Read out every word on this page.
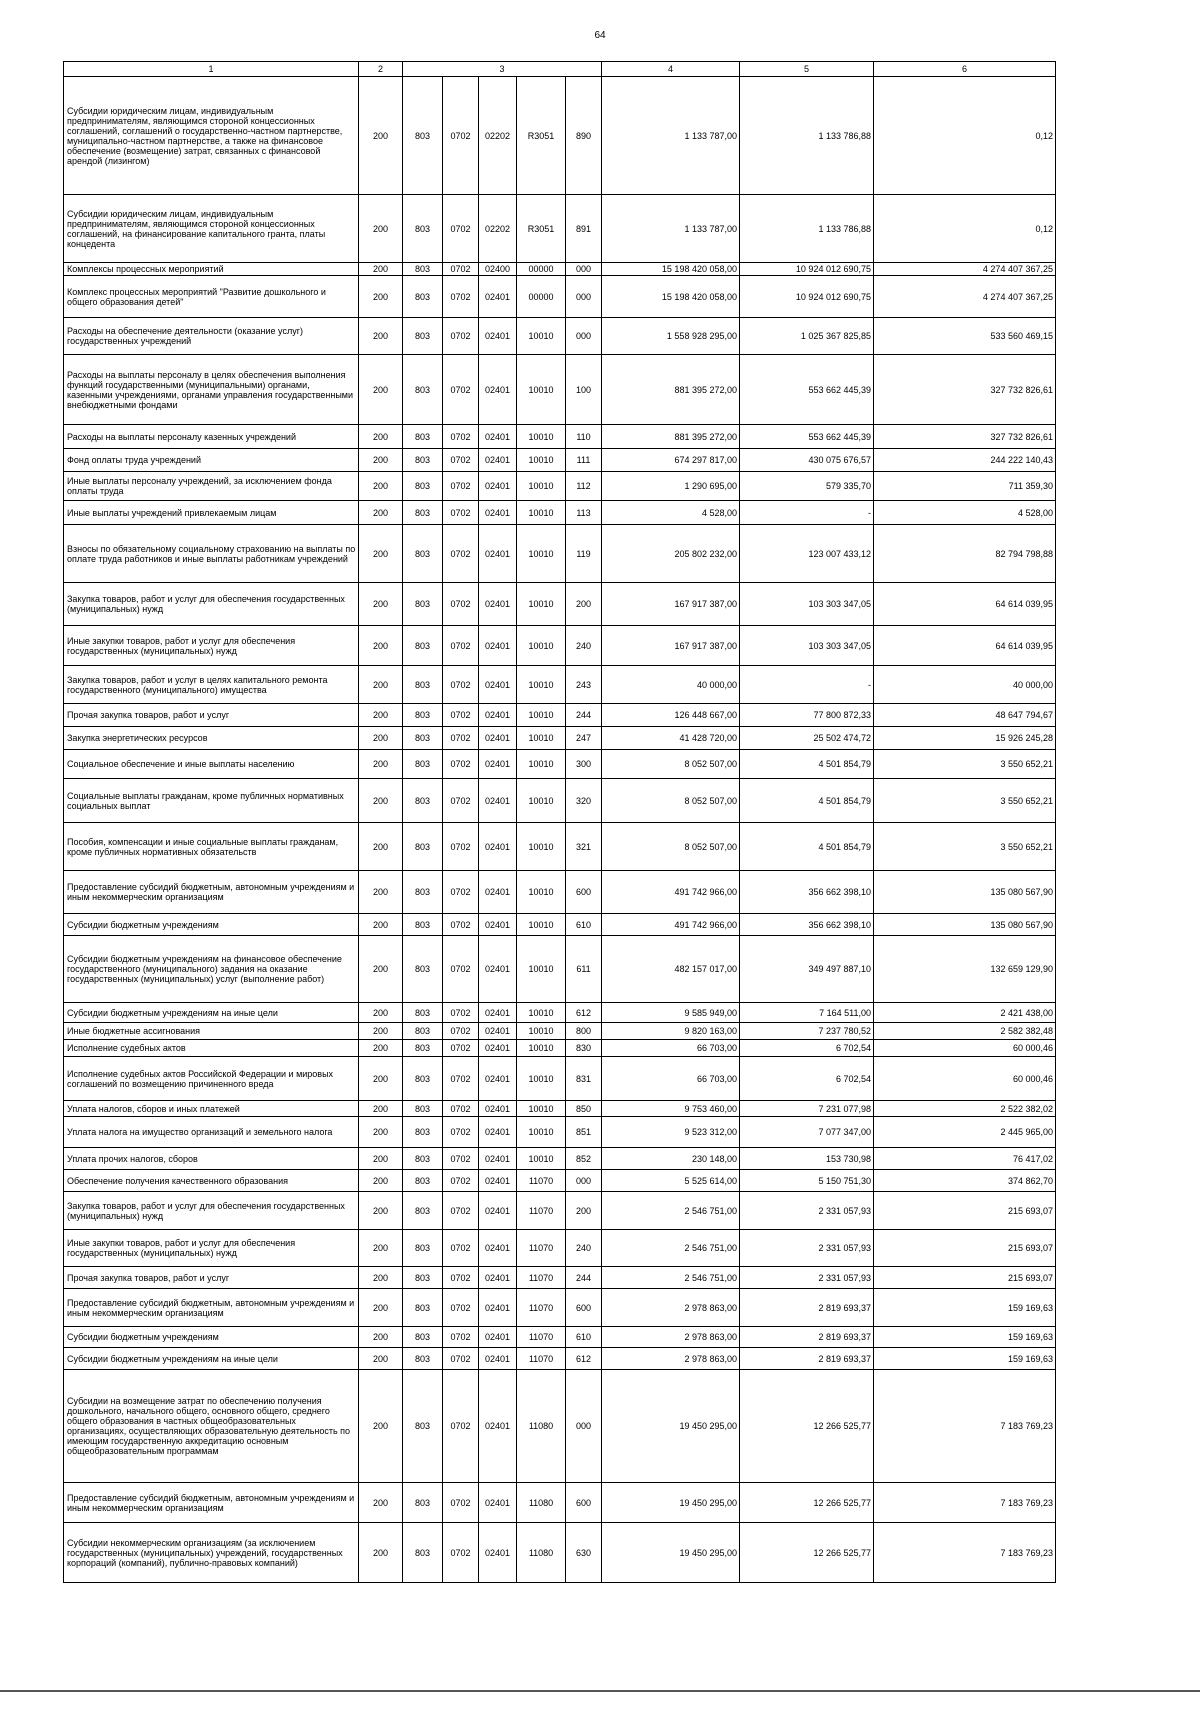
64
1	2	3					4	5	6
Субсидии юридическим лицам, индивидуальным предпринимателям, являющимся стороной концессионных соглашений, соглашений о государственно-частном партнерстве, муниципально-частном партнерстве, а также на финансовое обеспечение (возмещение) затрат, связанных с финансовой арендой (лизингом)	200	803	0702	02202	R3051	890	1 133 787,00	1 133 786,88	0,12
Субсидии юридическим лицам, индивидуальным предпринимателям, являющимся стороной концессионных соглашений, на финансирование капитального гранта, платы концедента	200	803	0702	02202	R3051	891	1 133 787,00	1 133 786,88	0,12
Комплексы процессных мероприятий	200	803	0702	02400	00000	000	15 198 420 058,00	10 924 012 690,75	4 274 407 367,25
Комплекс процессных мероприятий "Развитие дошкольного и общего образования детей"	200	803	0702	02401	00000	000	15 198 420 058,00	10 924 012 690,75	4 274 407 367,25
Расходы на обеспечение деятельности (оказание услуг) государственных учреждений	200	803	0702	02401	10010	000	1 558 928 295,00	1 025 367 825,85	533 560 469,15
Расходы на выплаты персоналу в целях обеспечения выполнения функций государственными (муниципальными) органами, казенными учреждениями, органами управления государственными внебюджетными фондами	200	803	0702	02401	10010	100	881 395 272,00	553 662 445,39	327 732 826,61
Расходы на выплаты персоналу казенных учреждений	200	803	0702	02401	10010	110	881 395 272,00	553 662 445,39	327 732 826,61
Фонд оплаты труда учреждений	200	803	0702	02401	10010	111	674 297 817,00	430 075 676,57	244 222 140,43
Иные выплаты персоналу учреждений, за исключением фонда оплаты труда	200	803	0702	02401	10010	112	1 290 695,00	579 335,70	711 359,30
Иные выплаты учреждений привлекаемым лицам	200	803	0702	02401	10010	113	4 528,00	-	4 528,00
Взносы по обязательному социальному страхованию на выплаты по оплате труда работников и иные выплаты работникам учреждений	200	803	0702	02401	10010	119	205 802 232,00	123 007 433,12	82 794 798,88
Закупка товаров, работ и услуг для обеспечения государственных (муниципальных) нужд	200	803	0702	02401	10010	200	167 917 387,00	103 303 347,05	64 614 039,95
Иные закупки товаров, работ и услуг для обеспечения государственных (муниципальных) нужд	200	803	0702	02401	10010	240	167 917 387,00	103 303 347,05	64 614 039,95
Закупка товаров, работ и услуг в целях капитального ремонта государственного (муниципального) имущества	200	803	0702	02401	10010	243	40 000,00	-	40 000,00
Прочая закупка товаров, работ и услуг	200	803	0702	02401	10010	244	126 448 667,00	77 800 872,33	48 647 794,67
Закупка энергетических ресурсов	200	803	0702	02401	10010	247	41 428 720,00	25 502 474,72	15 926 245,28
Социальное обеспечение и иные выплаты населению	200	803	0702	02401	10010	300	8 052 507,00	4 501 854,79	3 550 652,21
Социальные выплаты гражданам, кроме публичных нормативных социальных выплат	200	803	0702	02401	10010	320	8 052 507,00	4 501 854,79	3 550 652,21
Пособия, компенсации и иные социальные выплаты гражданам, кроме публичных нормативных обязательств	200	803	0702	02401	10010	321	8 052 507,00	4 501 854,79	3 550 652,21
Предоставление субсидий бюджетным, автономным учреждениям и иным некоммерческим организациям	200	803	0702	02401	10010	600	491 742 966,00	356 662 398,10	135 080 567,90
Субсидии бюджетным учреждениям	200	803	0702	02401	10010	610	491 742 966,00	356 662 398,10	135 080 567,90
Субсидии бюджетным учреждениям на финансовое обеспечение государственного (муниципального) задания на оказание государственных (муниципальных) услуг (выполнение работ)	200	803	0702	02401	10010	611	482 157 017,00	349 497 887,10	132 659 129,90
Субсидии бюджетным учреждениям на иные цели	200	803	0702	02401	10010	612	9 585 949,00	7 164 511,00	2 421 438,00
Иные бюджетные ассигнования	200	803	0702	02401	10010	800	9 820 163,00	7 237 780,52	2 582 382,48
Исполнение судебных актов	200	803	0702	02401	10010	830	66 703,00	6 702,54	60 000,46
Исполнение судебных актов Российской Федерации и мировых соглашений по возмещению причиненного вреда	200	803	0702	02401	10010	831	66 703,00	6 702,54	60 000,46
Уплата налогов, сборов и иных платежей	200	803	0702	02401	10010	850	9 753 460,00	7 231 077,98	2 522 382,02
Уплата налога на имущество организаций и земельного налога	200	803	0702	02401	10010	851	9 523 312,00	7 077 347,00	2 445 965,00
Уплата прочих налогов, сборов	200	803	0702	02401	10010	852	230 148,00	153 730,98	76 417,02
Обеспечение получения качественного образования	200	803	0702	02401	11070	000	5 525 614,00	5 150 751,30	374 862,70
Закупка товаров, работ и услуг для обеспечения государственных (муниципальных) нужд	200	803	0702	02401	11070	200	2 546 751,00	2 331 057,93	215 693,07
Иные закупки товаров, работ и услуг для обеспечения государственных (муниципальных) нужд	200	803	0702	02401	11070	240	2 546 751,00	2 331 057,93	215 693,07
Прочая закупка товаров, работ и услуг	200	803	0702	02401	11070	244	2 546 751,00	2 331 057,93	215 693,07
Предоставление субсидий бюджетным, автономным учреждениям и иным некоммерческим организациям	200	803	0702	02401	11070	600	2 978 863,00	2 819 693,37	159 169,63
Субсидии бюджетным учреждениям	200	803	0702	02401	11070	610	2 978 863,00	2 819 693,37	159 169,63
Субсидии бюджетным учреждениям на иные цели	200	803	0702	02401	11070	612	2 978 863,00	2 819 693,37	159 169,63
Субсидии на возмещение затрат по обеспечению получения дошкольного, начального общего, основного общего, среднего общего образования в частных общеобразовательных организациях, осуществляющих образовательную деятельность по имеющим государственную аккредитацию основным общеобразовательным программам	200	803	0702	02401	11080	000	19 450 295,00	12 266 525,77	7 183 769,23
Предоставление субсидий бюджетным, автономным учреждениям и иным некоммерческим организациям	200	803	0702	02401	11080	600	19 450 295,00	12 266 525,77	7 183 769,23
Субсидии некоммерческим организациям (за исключением государственных (муниципальных) учреждений, государственных корпораций (компаний), публично-правовых компаний)	200	803	0702	02401	11080	630	19 450 295,00	12 266 525,77	7 183 769,23
